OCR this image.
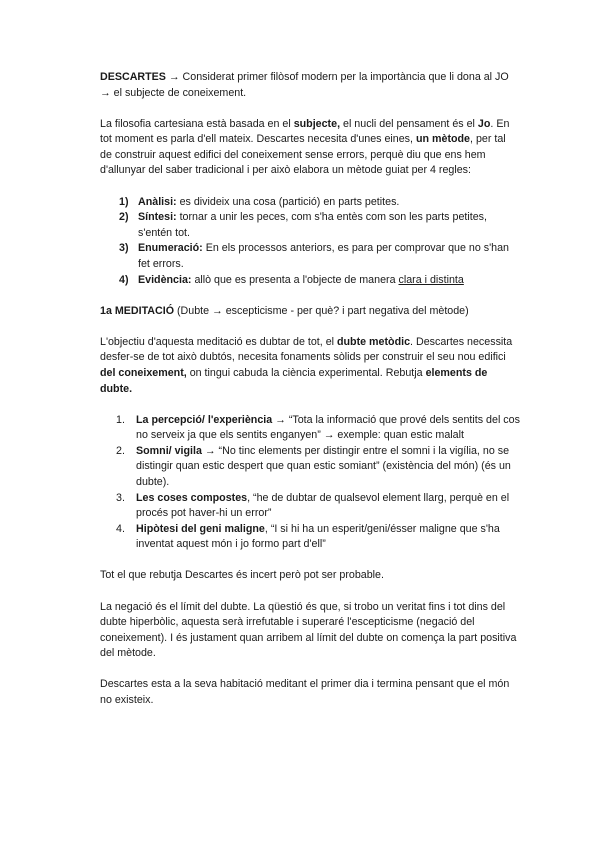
DESCARTES → Considerat primer filòsof modern per la importància que li dona al JO → el subjecte de coneixement.

La filosofia cartesiana està basada en el subjecte, el nucli del pensament és el Jo. En tot moment es parla d'ell mateix. Descartes necesita d'unes eines, un mètode, per tal de construir aquest edifici del coneixement sense errors, perquè diu que ens hem d'allunyar del saber tradicional i per això elabora un mètode guiat per 4 regles:

1) Anàlisi: es divideix una cosa (partició) en parts petites.
2) Síntesi: tornar a unir les peces, com s'ha entès com son les parts petites, s'entén tot.
3) Enumeració: En els processos anteriors, es para per comprovar que no s'han fet errors.
4) Evidència: allò que es presenta a l'objecte de manera clara i distinta

1a MEDITACIÓ (Dubte → escepticisme - per què? i part negativa del mètode)

L'objectiu d'aquesta meditació es dubtar de tot, el dubte metòdic. Descartes necessita desfer-se de tot això dubtós, necesita fonaments sòlids per construir el seu nou edifici del coneixement, on tingui cabuda la ciència experimental. Rebutja elements de dubte.

1. La percepció/ l'experiència → “Tota la informació que prové dels sentits del cos no serveix ja que els sentits enganyen” → exemple: quan estic malalt
2. Somni/ vigila → “No tinc elements per distingir entre el somni i la vigília, no se distingir quan estic despert que quan estic somiant” (existència del món) (és un dubte).
3. Les coses compostes, “he de dubtar de qualsevol element llarg, perquè en el procés pot haver-hi un error”
4. Hipòtesi del geni maligne, “I si hi ha un esperit/geni/ésser maligne que s'ha inventat aquest món i jo formo part d'ell”

Tot el que rebutja Descartes és incert però pot ser probable.

La negació és el límit del dubte. La qüestió és que, si trobo un veritat fins i tot dins del dubte hiperbòlic, aquesta serà irrefutable i superaré l'escepticisme (negació del coneixement). I és justament quan arribem al límit del dubte on comença la part positiva del mètode.

Descartes esta a la seva habitació meditant el primer dia i termina pensant que el món no existeix.
